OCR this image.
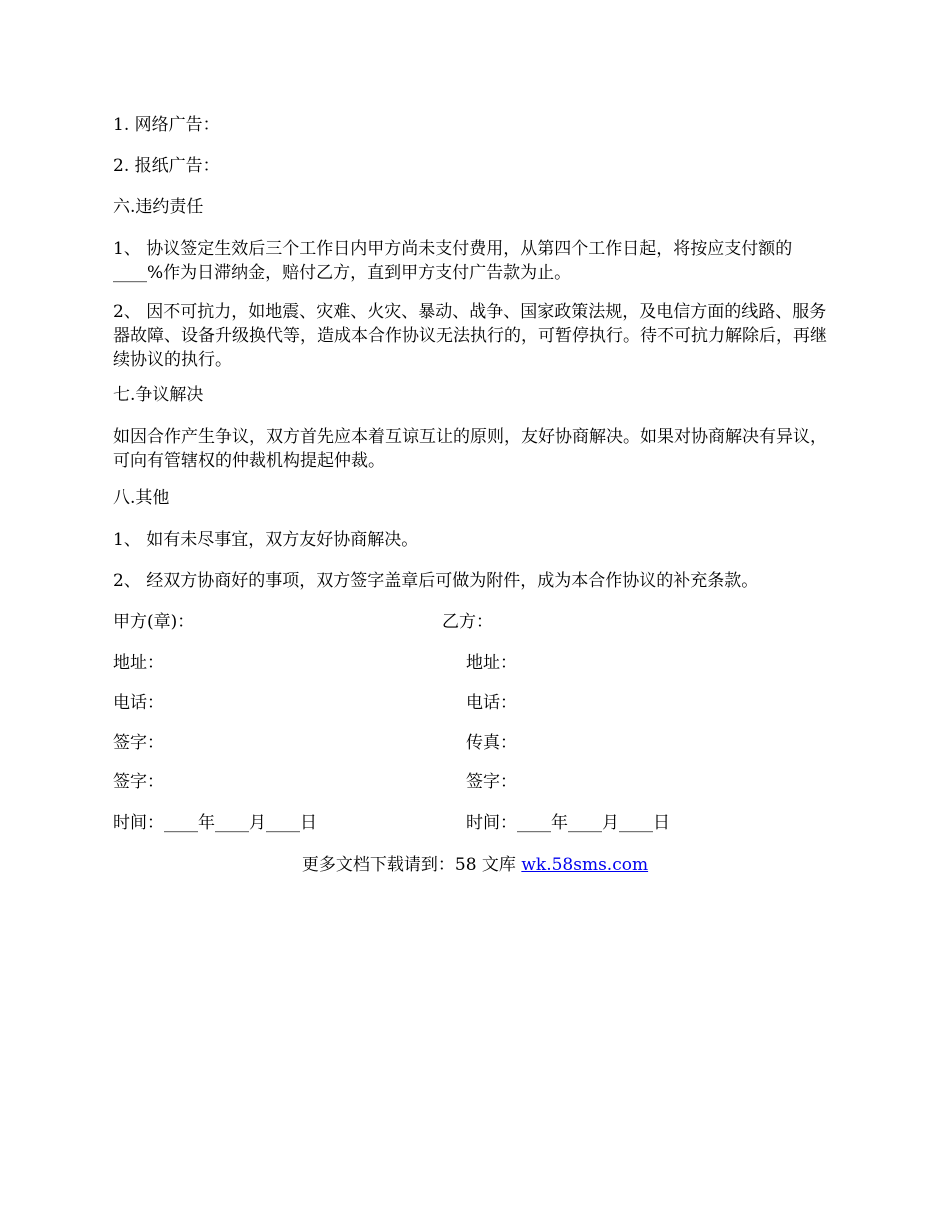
1. 网络广告：
2. 报纸广告：
六.违约责任
1、 协议签定生效后三个工作日内甲方尚未支付费用，从第四个工作日起，将按应支付额的____%作为日滞纳金，赔付乙方，直到甲方支付广告款为止。
2、 因不可抗力，如地震、灾难、火灾、暴动、战争、国家政策法规，及电信方面的线路、服务器故障、设备升级换代等，造成本合作协议无法执行的，可暂停执行。待不可抗力解除后，再继续协议的执行。
七.争议解决
如因合作产生争议，双方首先应本着互谅互让的原则，友好协商解决。如果对协商解决有异议，可向有管辖权的仲裁机构提起仲裁。
八.其他
1、 如有未尽事宜，双方友好协商解决。
2、 经双方协商好的事项，双方签字盖章后可做为附件，成为本合作协议的补充条款。
甲方(章)：
地址：
电话：
签字：
签字：
时间：____年____月____日
乙方：
地址：
电话：
传真：
签字：
时间：____年____月____日
更多文档下载请到：58 文库 wk.58sms.com
